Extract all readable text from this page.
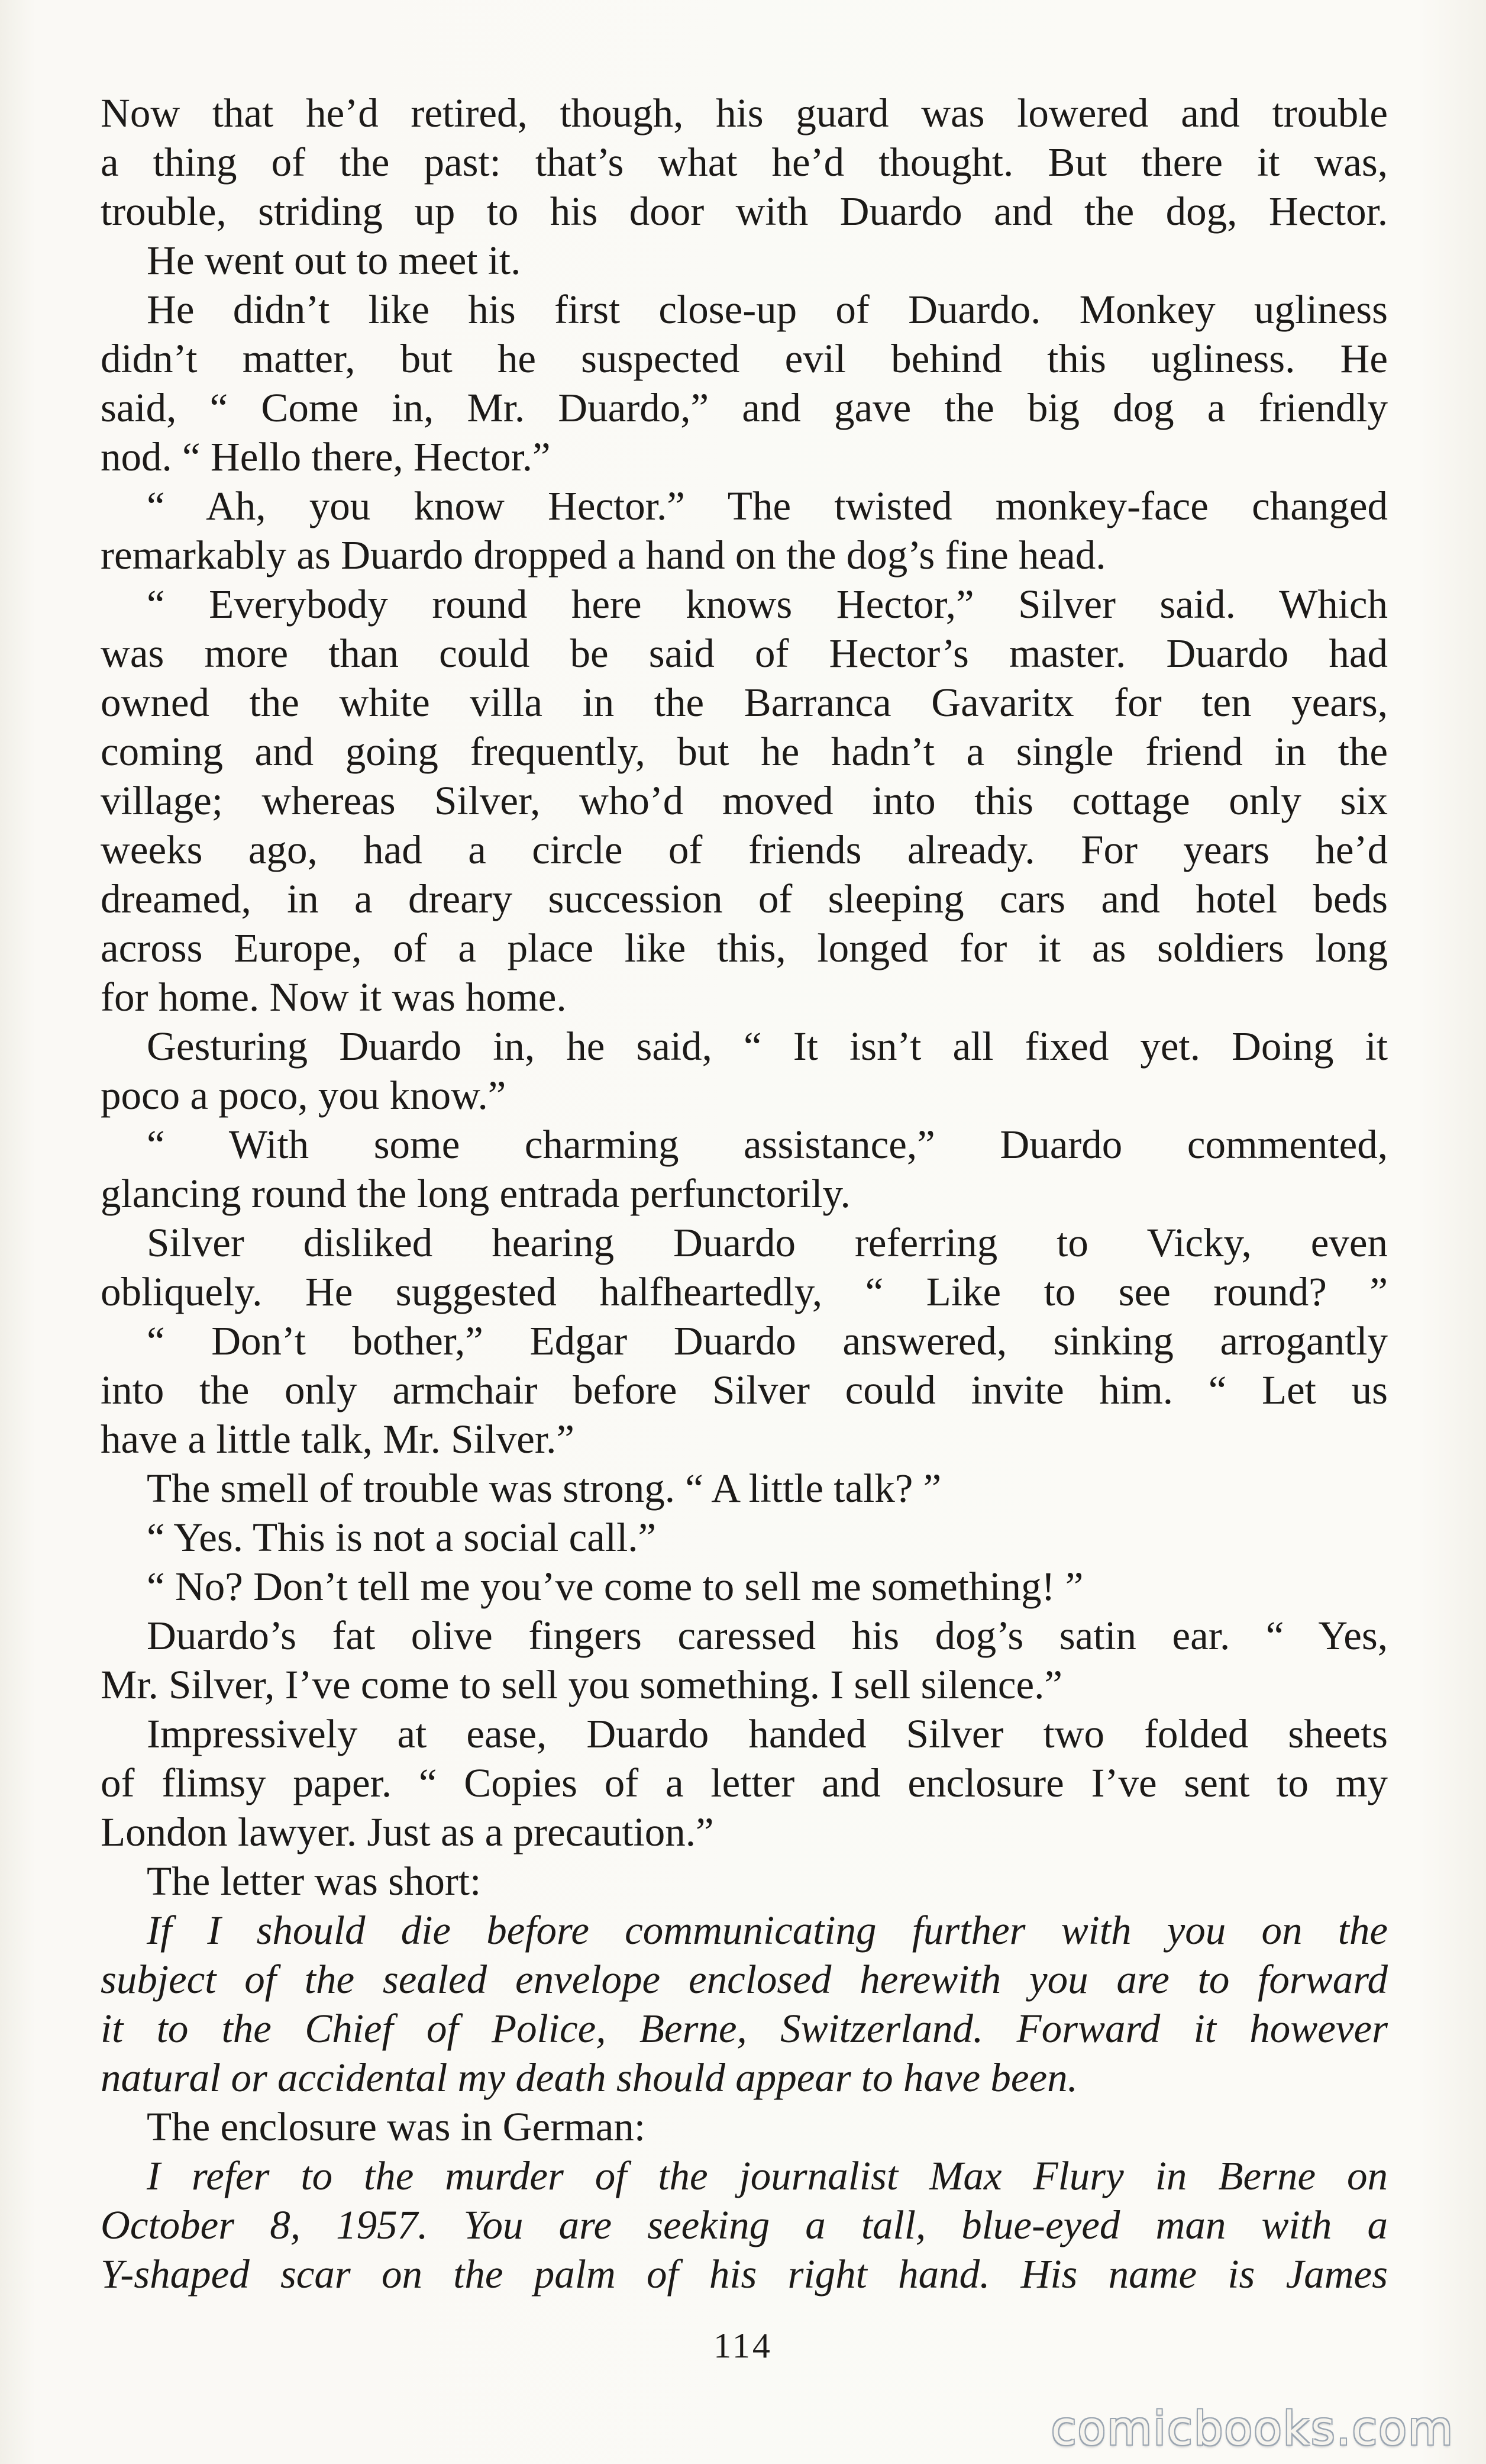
Now that he’d retired, though, his guard was lowered and trouble
a thing of the past: that’s what he’d thought. But there it was,
trouble, striding up to his door with Duardo and the dog, Hector.
He went out to meet it.
He didn’t like his first close-up of Duardo. Monkey ugliness
didn’t matter, but he suspected evil behind this ugliness. He
said, “ Come in, Mr. Duardo,” and gave the big dog a friendly
nod. “ Hello there, Hector.”
“ Ah, you know Hector.” The twisted monkey-face changed
remarkably as Duardo dropped a hand on the dog’s fine head.
“ Everybody round here knows Hector,” Silver said. Which
was more than could be said of Hector’s master. Duardo had
owned the white villa in the Barranca Gavaritx for ten years,
coming and going frequently, but he hadn’t a single friend in the
village; whereas Silver, who’d moved into this cottage only six
weeks ago, had a circle of friends already. For years he’d
dreamed, in a dreary succession of sleeping cars and hotel beds
across Europe, of a place like this, longed for it as soldiers long
for home. Now it was home.
Gesturing Duardo in, he said, “ It isn’t all fixed yet. Doing it
poco a poco, you know.”
“ With some charming assistance,” Duardo commented,
glancing round the long entrada perfunctorily.
Silver disliked hearing Duardo referring to Vicky, even
obliquely. He suggested halfheartedly, “ Like to see round? ”
“ Don’t bother,” Edgar Duardo answered, sinking arrogantly
into the only armchair before Silver could invite him. “ Let us
have a little talk, Mr. Silver.”
The smell of trouble was strong. “ A little talk? ”
“ Yes. This is not a social call.”
“ No? Don’t tell me you’ve come to sell me something! ”
Duardo’s fat olive fingers caressed his dog’s satin ear. “ Yes,
Mr. Silver, I’ve come to sell you something. I sell silence.”
Impressively at ease, Duardo handed Silver two folded sheets
of flimsy paper. “ Copies of a letter and enclosure I’ve sent to my
London lawyer. Just as a precaution.”
The letter was short:
If I should die before communicating further with you on the
subject of the sealed envelope enclosed herewith you are to forward
it to the Chief of Police, Berne, Switzerland. Forward it however
natural or accidental my death should appear to have been.
The enclosure was in German:
I refer to the murder of the journalist Max Flury in Berne on
October 8, 1957. You are seeking a tall, blue-eyed man with a
Y-shaped scar on the palm of his right hand. His name is James
114
comicbooks.com
